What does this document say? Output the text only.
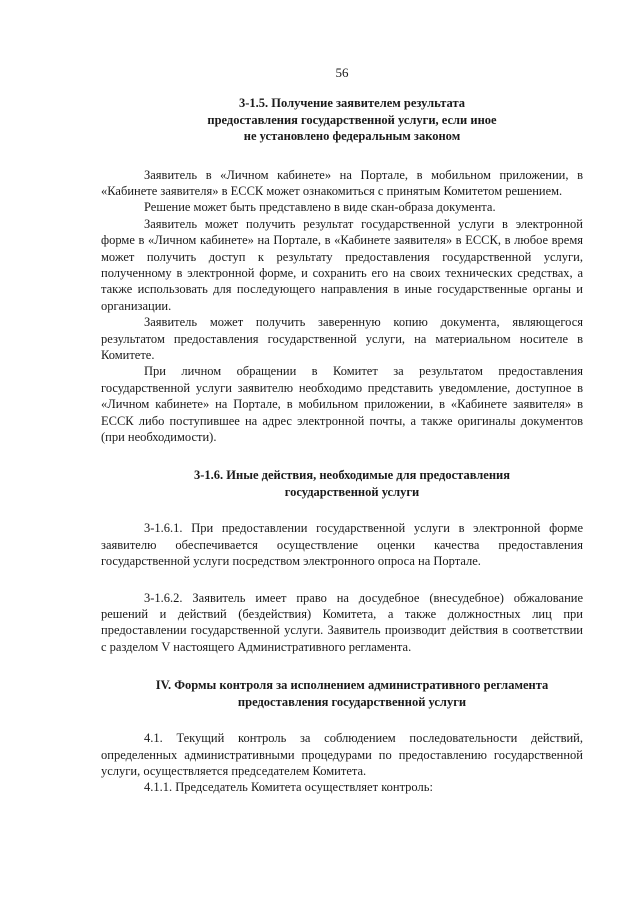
56
3-1.5. Получение заявителем результата
предоставления государственной услуги, если иное
не установлено федеральным законом

Заявитель в «Личном кабинете» на Портале, в мобильном приложении, в «Кабинете заявителя» в ЕССК может ознакомиться с принятым Комитетом решением.

Решение может быть представлено в виде скан-образа документа.

Заявитель может получить результат государственной услуги в электронной форме в «Личном кабинете» на Портале, в «Кабинете заявителя» в ЕССК, в любое время может получить доступ к результату предоставления государственной услуги, полученному в электронной форме, и сохранить его на своих технических средствах, а также использовать для последующего направления в иные государственные органы и организации.

Заявитель может получить заверенную копию документа, являющегося результатом предоставления государственной услуги, на материальном носителе в Комитете.

При личном обращении в Комитет за результатом предоставления государственной услуги заявителю необходимо представить уведомление, доступное в «Личном кабинете» на Портале, в мобильном приложении, в «Кабинете заявителя» в ЕССК либо поступившее на адрес электронной почты, а также оригиналы документов (при необходимости).

3-1.6. Иные действия, необходимые для предоставления
государственной услуги

3-1.6.1. При предоставлении государственной услуги в электронной форме заявителю обеспечивается осуществление оценки качества предоставления государственной услуги посредством электронного опроса на Портале.

3-1.6.2. Заявитель имеет право на досудебное (внесудебное) обжалование решений и действий (бездействия) Комитета, а также должностных лиц при предоставлении государственной услуги. Заявитель производит действия в соответствии с разделом V настоящего Административного регламента.

IV. Формы контроля за исполнением административного регламента
предоставления государственной услуги

4.1. Текущий контроль за соблюдением последовательности действий, определенных административными процедурами по предоставлению государственной услуги, осуществляется председателем Комитета.

4.1.1. Председатель Комитета осуществляет контроль:
